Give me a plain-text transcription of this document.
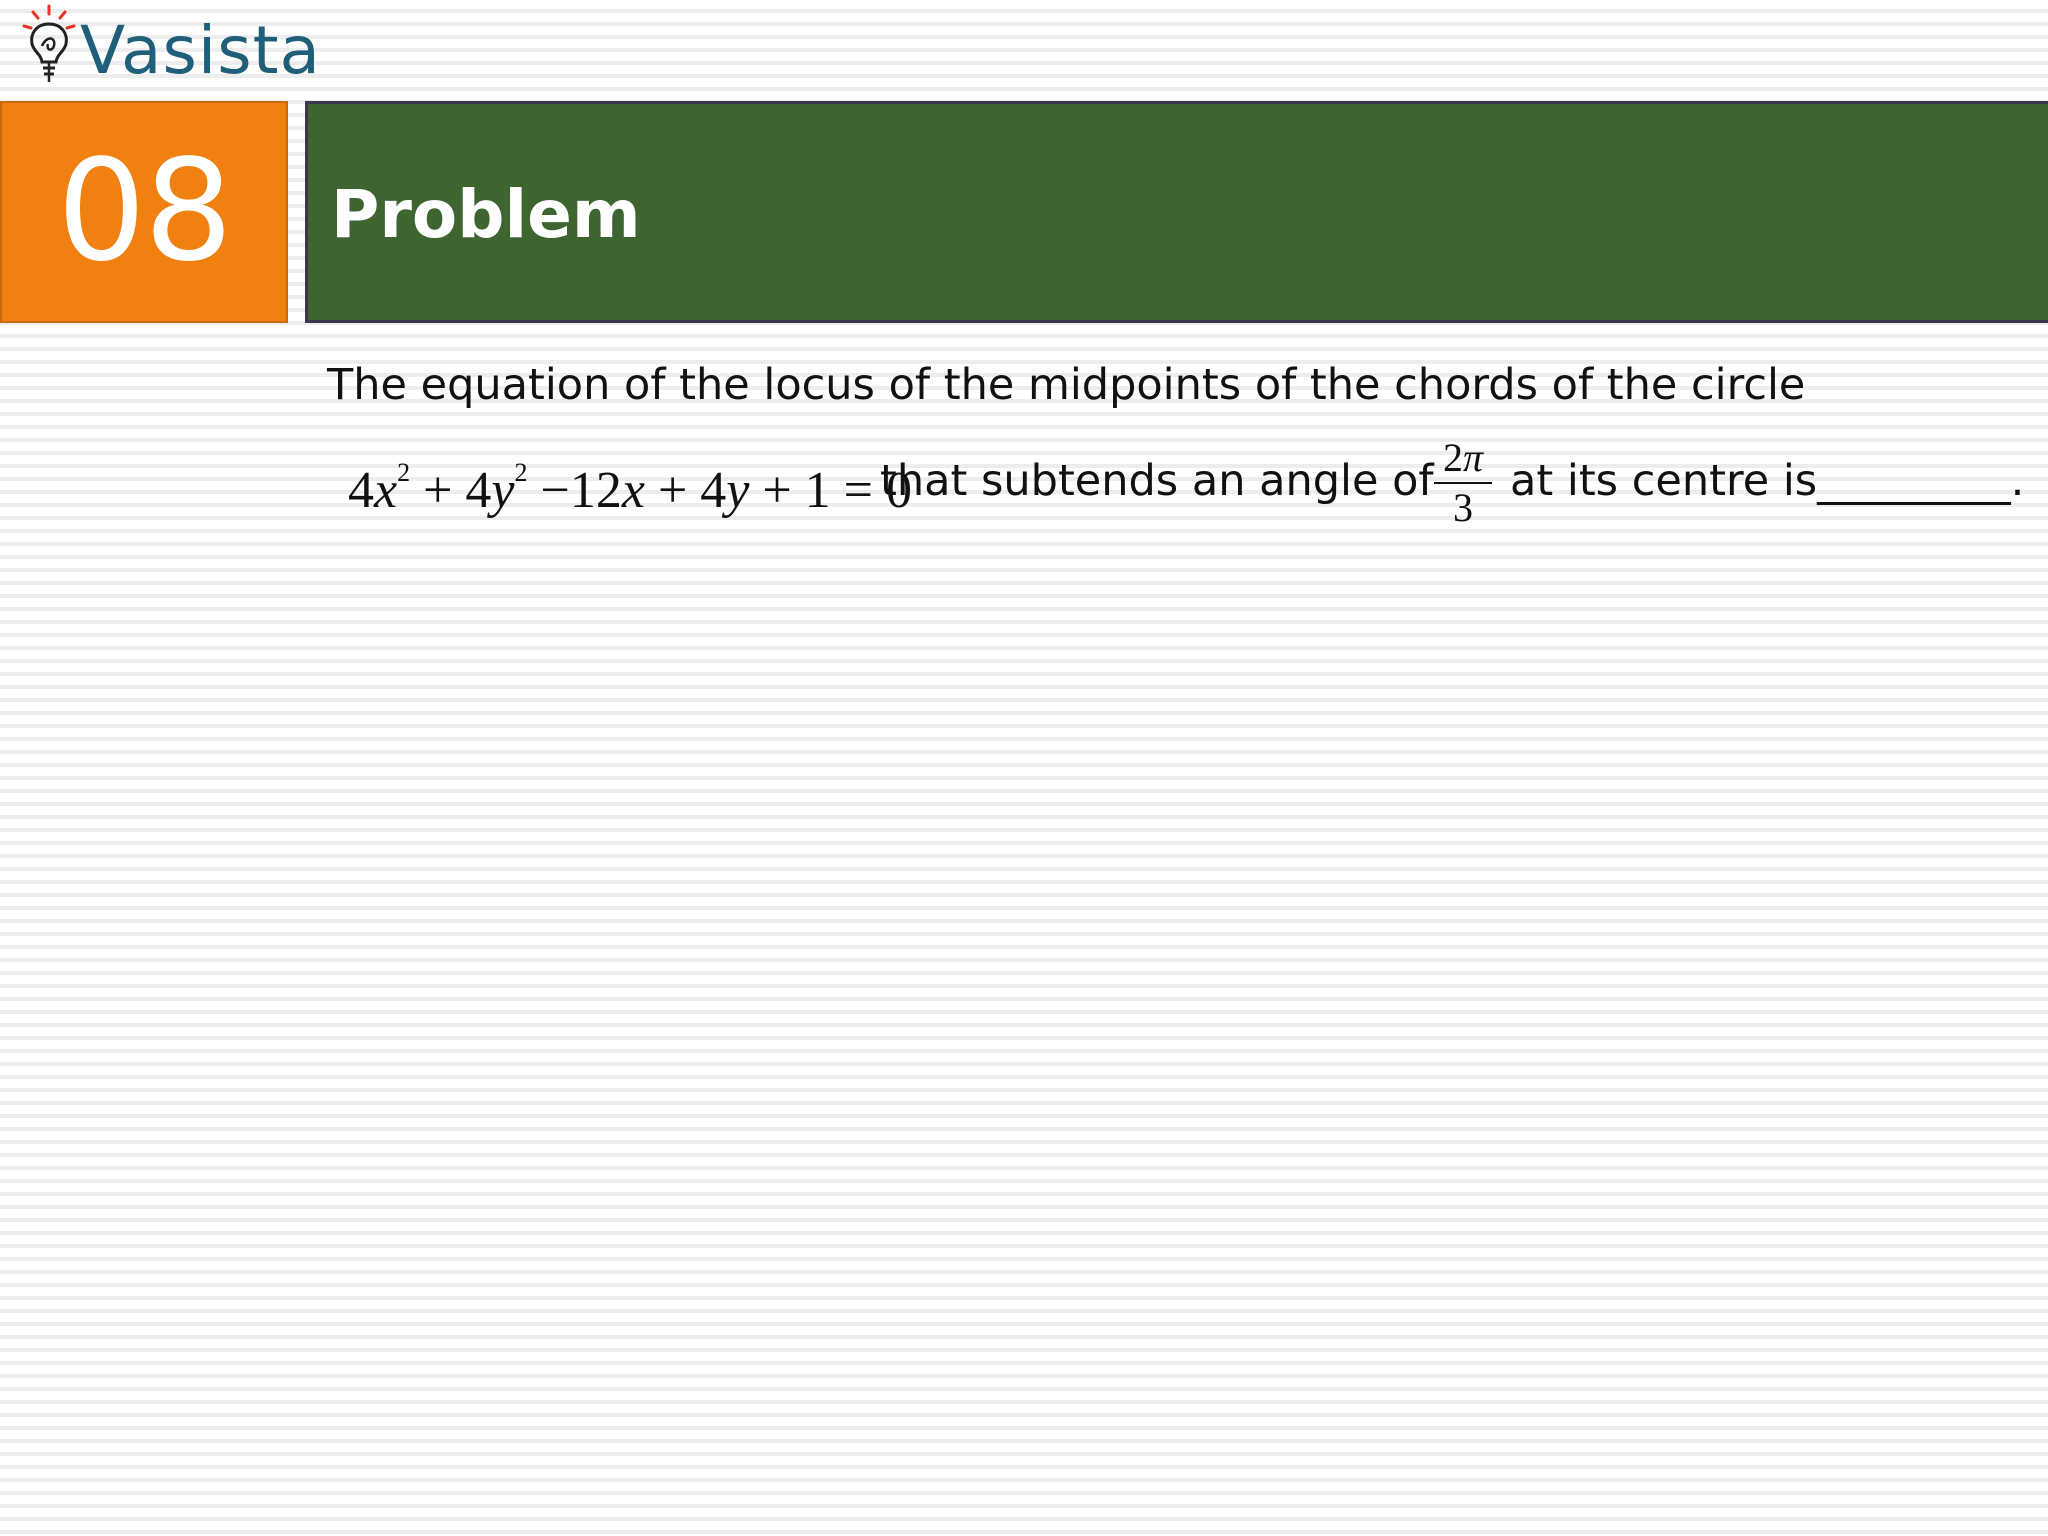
Vasista
08 Problem
The equation of the locus of the midpoints of the chords of the circle
$4x^2 + 4y^2 -12x + 4y + 1 = 0$
that subtends an angle of 2π
3
at its centre is_________.
